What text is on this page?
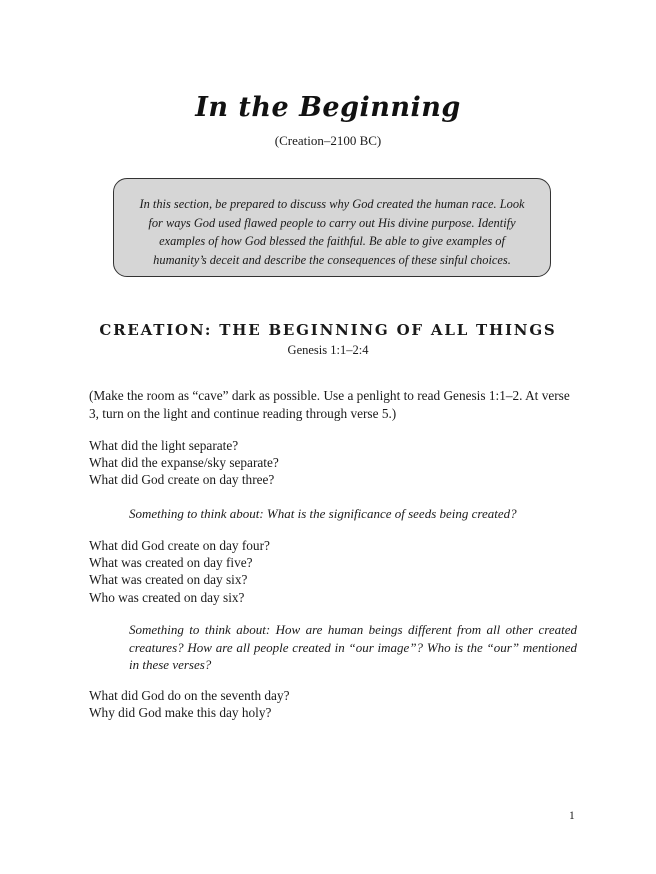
In the Beginning
(Creation–2100 BC)
In this section, be prepared to discuss why God created the human race. Look for ways God used flawed people to carry out His divine purpose. Identify examples of how God blessed the faithful. Be able to give examples of humanity’s deceit and describe the consequences of these sinful choices.
CREATION: THE BEGINNING OF ALL THINGS
Genesis 1:1–2:4
(Make the room as “cave” dark as possible. Use a penlight to read Genesis 1:1–2. At verse 3, turn on the light and continue reading through verse 5.)
What did the light separate?
What did the expanse/sky separate?
What did God create on day three?
Something to think about: What is the significance of seeds being created?
What did God create on day four?
What was created on day five?
What was created on day six?
Who was created on day six?
Something to think about: How are human beings different from all other created creatures? How are all people created in “our image”? Who is the “our” mentioned in these verses?
What did God do on the seventh day?
Why did God make this day holy?
1
